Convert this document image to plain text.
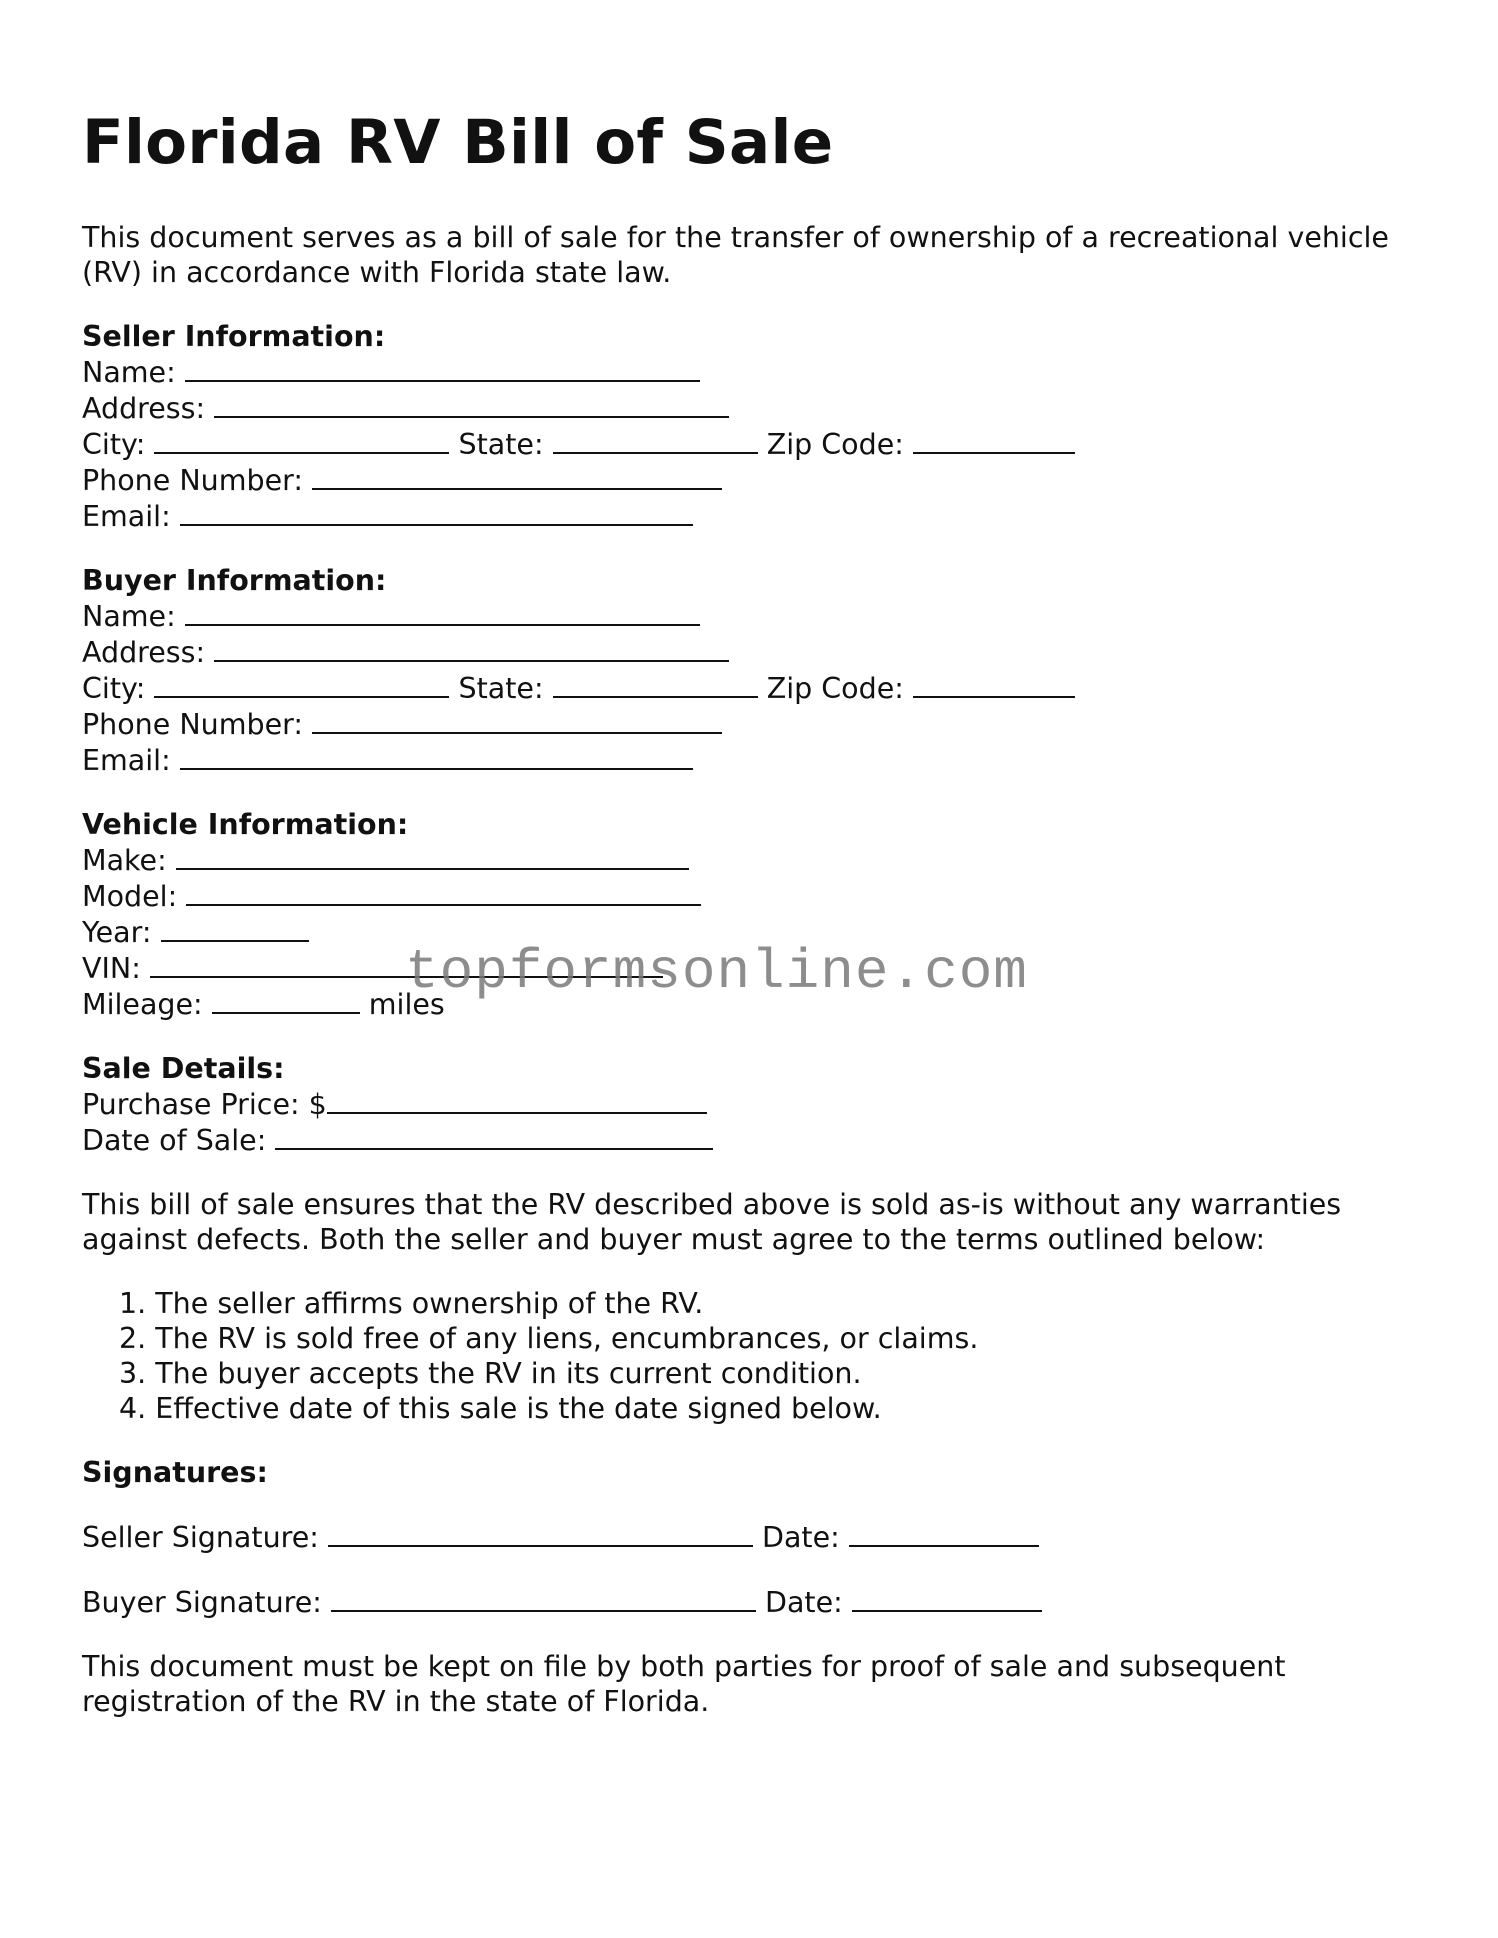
Florida RV Bill of Sale

This document serves as a bill of sale for the transfer of ownership of a recreational vehicle (RV) in accordance with Florida state law.

Seller Information:
Name:
Address:
City:	State:	Zip Code:
Phone Number:
Email:
Buyer Information:
Name:
Address:
City:	State:	Zip Code:
Phone Number:
Email:
Vehicle Information:
Make:
Model:
Year:
VIN:
Mileage:	miles
Sale Details:
Purchase Price: $
Date of Sale:

This bill of sale ensures that the RV described above is sold as-is without any warranties against defects. Both the seller and buyer must agree to the terms outlined below:

1. The seller affirms ownership of the RV.
2. The RV is sold free of any liens, encumbrances, or claims.
3. The buyer accepts the RV in its current condition.
4. Effective date of this sale is the date signed below.
Signatures:
Seller Signature:	Date:
Buyer Signature:	Date:

This document must be kept on file by both parties for proof of sale and subsequent registration of the RV in the state of Florida.

topformsonline.com
